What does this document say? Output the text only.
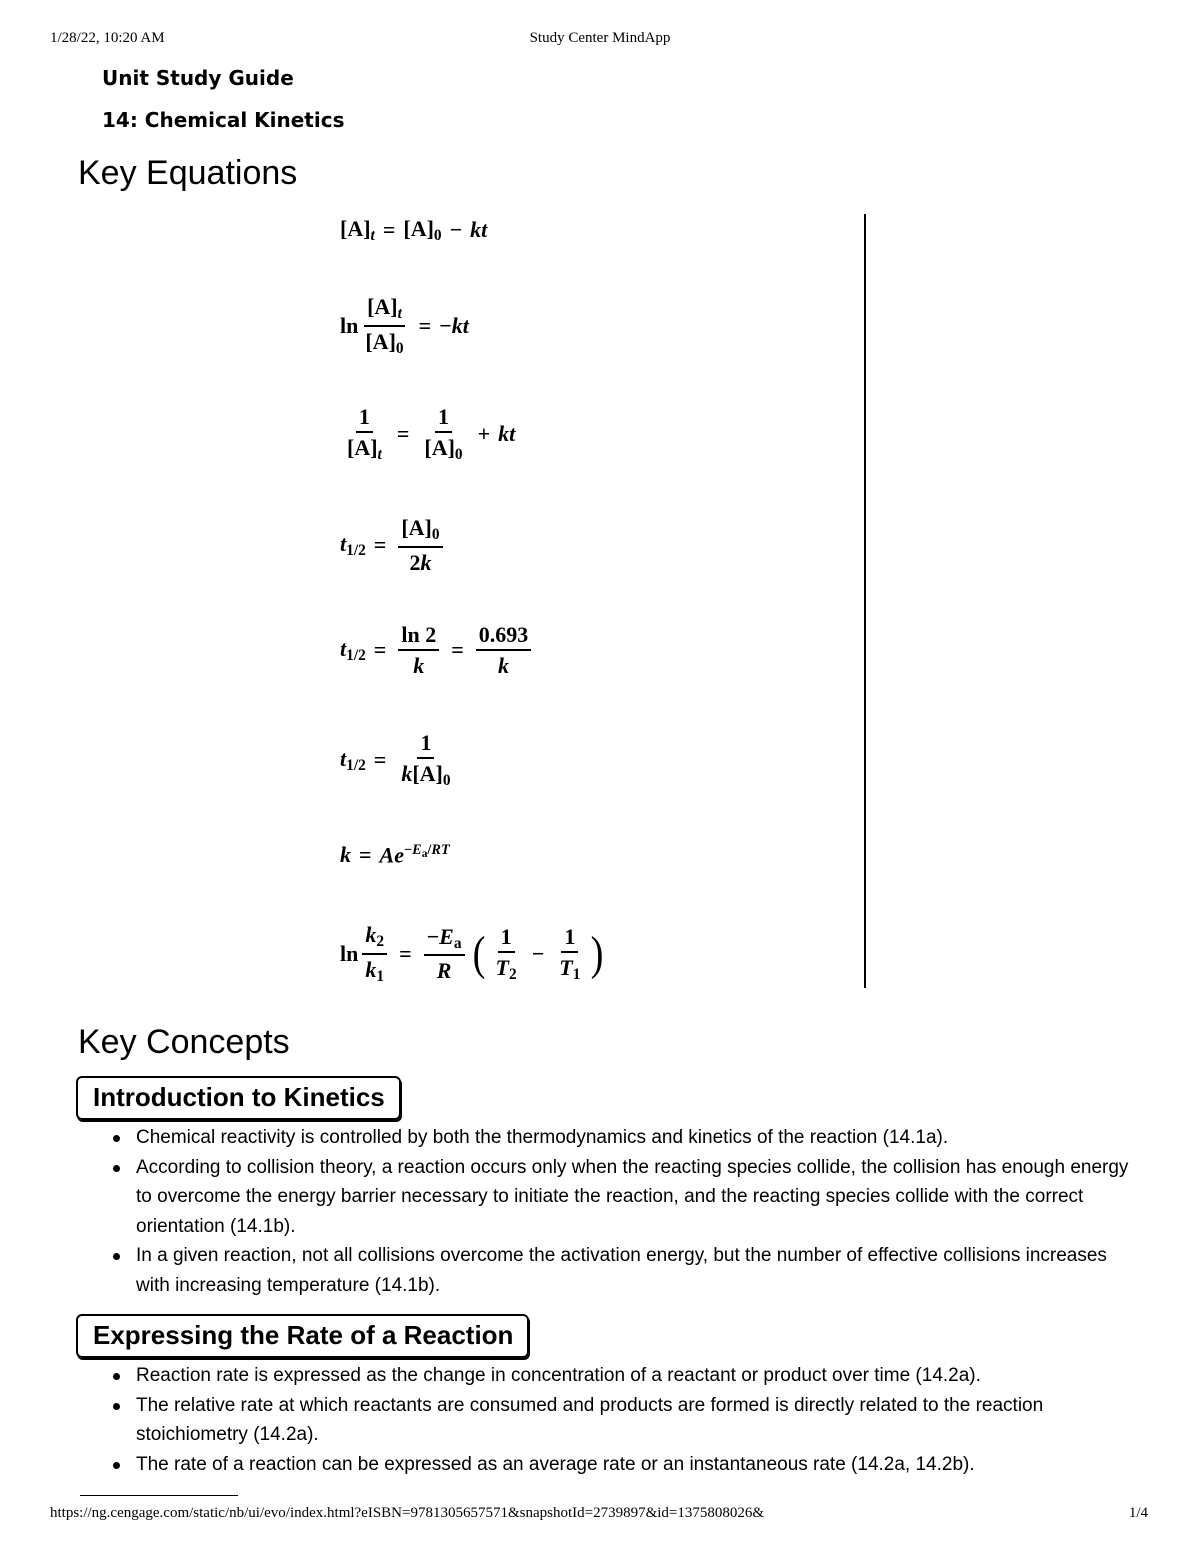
1/28/22, 10:20 AM	Study Center MindApp
Unit Study Guide
14: Chemical Kinetics
Key Equations
$[A]_t = [A]_0$ − kt
$\ln \frac{[A]_t}{[A]_0} = -kt$
$\frac{1}{[A]_t} = \frac{1}{[A]_0}$ + kt
$t_{1/2} = \frac{[A]_0}{2k}$
$t_{1/2} = \frac{\ln 2}{k} = \frac{0.693}{k}$
$t_{1/2} = \frac{1}{k[A]_0}$
$k = Ae^{-E_a/RT}$
$\ln \frac{k_2}{k_1} = \frac{-E_a}{R}$ ( $\frac{1}{T_2} - \frac{1}{T_1}$ )
Key Concepts
Introduction to Kinetics
Chemical reactivity is controlled by both the thermodynamics and kinetics of the reaction (14.1a).
According to collision theory, a reaction occurs only when the reacting species collide, the collision has enough energy to overcome the energy barrier necessary to initiate the reaction, and the reacting species collide with the correct orientation (14.1b).
In a given reaction, not all collisions overcome the activation energy, but the number of effective collisions increases with increasing temperature (14.1b).
Expressing the Rate of a Reaction
Reaction rate is expressed as the change in concentration of a reactant or product over time (14.2a).
The relative rate at which reactants are consumed and products are formed is directly related to the reaction stoichiometry (14.2a).
The rate of a reaction can be expressed as an average rate or an instantaneous rate (14.2a, 14.2b).
https://ng.cengage.com/static/nb/ui/evo/index.html?eISBN=9781305657571&snapshotId=2739897&id=1375808026&	1/4
